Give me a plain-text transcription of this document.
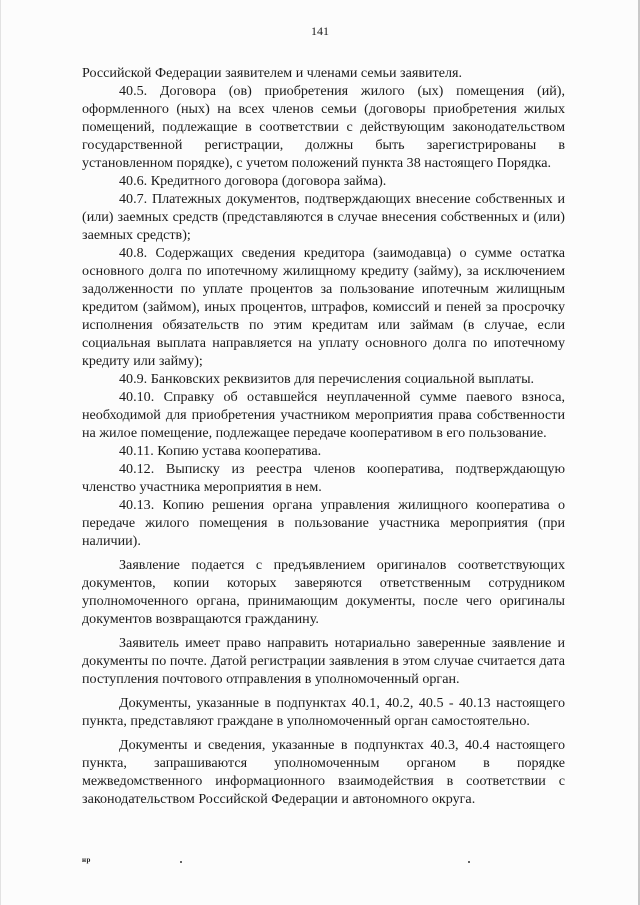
141

Российской Федерации заявителем и членами семьи заявителя.

40.5. Договора (ов) приобретения жилого (ых) помещения (ий), оформленного (ных) на всех членов семьи (договоры приобретения жилых помещений, подлежащие в соответствии с действующим законодательством государственной регистрации, должны быть зарегистрированы в установленном порядке), с учетом положений пункта 38 настоящего Порядка.

40.6. Кредитного договора (договора займа).

40.7. Платежных документов, подтверждающих внесение собственных и (или) заемных средств (представляются в случае внесения собственных и (или) заемных средств);

40.8. Содержащих сведения кредитора (заимодавца) о сумме остатка основного долга по ипотечному жилищному кредиту (займу), за исключением задолженности по уплате процентов за пользование ипотечным жилищным кредитом (займом), иных процентов, штрафов, комиссий и пеней за просрочку исполнения обязательств по этим кредитам или займам (в случае, если социальная выплата направляется на уплату основного долга по ипотечному кредиту или займу);

40.9. Банковских реквизитов для перечисления социальной выплаты.

40.10. Справку об оставшейся неуплаченной сумме паевого взноса, необходимой для приобретения участником мероприятия права собственности на жилое помещение, подлежащее передаче кооперативом в его пользование.

40.11. Копию устава кооператива.

40.12. Выписку из реестра членов кооператива, подтверждающую членство участника мероприятия в нем.

40.13. Копию решения органа управления жилищного кооператива о передаче жилого помещения в пользование участника мероприятия (при наличии).

Заявление подается с предъявлением оригиналов соответствующих документов, копии которых заверяются ответственным сотрудником уполномоченного органа, принимающим документы, после чего оригиналы документов возвращаются гражданину.

Заявитель имеет право направить нотариально заверенные заявление и документы по почте. Датой регистрации заявления в этом случае считается дата поступления почтового отправления в уполномоченный орган.

Документы, указанные в подпунктах 40.1, 40.2, 40.5 - 40.13 настоящего пункта, представляют граждане в уполномоченный орган самостоятельно.

Документы и сведения, указанные в подпунктах 40.3, 40.4 настоящего пункта, запрашиваются уполномоченным органом в порядке межведомственного информационного взаимодействия в соответствии с законодательством Российской Федерации и автономного округа.

нр
